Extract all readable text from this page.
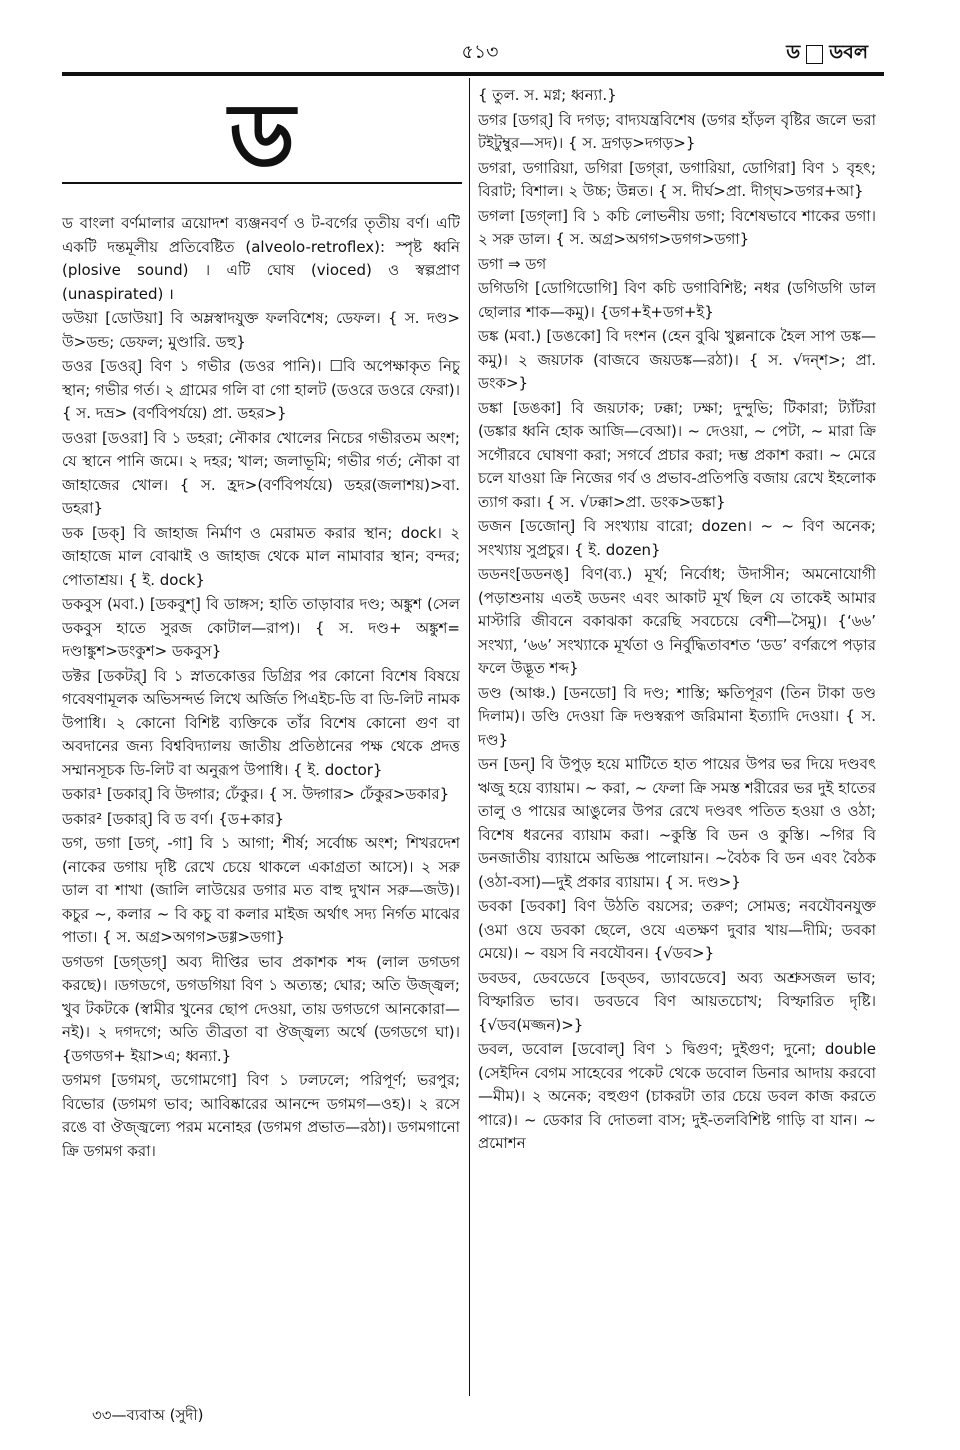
৫১৩	ড ডবল
ড
ড বাংলা বর্ণমালার ত্রয়োদশ ব্যঞ্জনবর্ণ ও ট-বর্গের তৃতীয় বর্ণ। এটি একটি দন্তমূলীয় প্রতিবেষ্টিত (alveolo-retroflex): স্পৃষ্ট ধ্বনি (plosive sound) । এটি ঘোষ (vioced) ও স্বল্পপ্রাণ (unaspirated) ।
ডউয়া [ডোউয়া] বি অম্লস্বাদযুক্ত ফলবিশেষ; ডেফল। { স. দণ্ড> উ>ডন্ড; ডেফল; মুণ্ডারি. ডহু}
ডওর [ডওর্] বিণ ১ গভীর (ডওর পানি)। ☐বি অপেক্ষাকৃত নিচু স্থান; গভীর গর্ত। ২ গ্রামের গলি বা গো হালট (ডওরে ডওরে ফেরা)। { স. দভ্র> (বর্ণবিপর্যয়ে) প্রা. ডহর>}
ডওরা [ডওরা] বি ১ ডহরা; নৌকার খোলের নিচের গভীরতম অংশ; যে স্থানে পানি জমে। ২ দহর; খাল; জলাভূমি; গভীর গর্ত; নৌকা বা জাহাজের খোল। { স. হ্রদ>(বর্ণবিপর্যয়ে) ডহর(জলাশয়)>বা. ডহরা}
ডক [ডক্] বি জাহাজ নির্মাণ ও মেরামত করার স্থান; dock। ২ জাহাজে মাল বোঝাই ও জাহাজ থেকে মাল নামাবার স্থান; বন্দর; পোতাশ্রয়। { ই. dock}
ডকবুস (মবা.) [ডকবুশ্] বি ডাঙ্গস; হাতি তাড়াবার দণ্ড; অঙ্কুশ (সেল ডকবুস হাতে সুরজ কোটাল—রাপ)। { স. দণ্ড+ অঙ্কুশ= দণ্ডাঙ্কুশ>ডংকুশ> ডকবুস}
ডক্টর [ডকটর্] বি ১ স্নাতকোত্তর ডিগ্রির পর কোনো বিশেষ বিষয়ে গবেষণামূলক অভিসন্দর্ভ লিখে অর্জিত পিএইচ-ডি বা ডি-লিট নামক উপাধি। ২ কোনো বিশিষ্ট ব্যক্তিকে তাঁর বিশেষ কোনো গুণ বা অবদানের জন্য বিশ্ববিদ্যালয় জাতীয় প্রতিষ্ঠানের পক্ষ থেকে প্রদত্ত সম্মানসূচক ডি-লিট বা অনুরূপ উপাধি। { ই. doctor}
ডকার¹ [ডকার্] বি উদ্গার; ঢেঁকুর। { স. উদ্গার> ঢেঁকুর>ডকার}
ডকার² [ডকার্] বি ড বর্ণ। {ড+কার}
ডগ, ডগা [ডগ্, -গা] বি ১ আগা; শীর্ষ; সর্বোচ্চ অংশ; শিখরদেশ (নাকের ডগায় দৃষ্টি রেখে চেয়ে থাকলে একাগ্রতা আসে)। ২ সরু ডাল বা শাখা (জালি লাউয়ের ডগার মত বাহু দুখান সরু—জউ)। কচুর ~, কলার ~ বি কচু বা কলার মাইজ অর্থাৎ সদ্য নির্গত মাঝের পাতা। { স. অগ্র>অগগ>ডগ্গ>ডগা}
ডগডগ [ডগ্‌ডগ্] অব্য দীপ্তির ভাব প্রকাশক শব্দ (লাল ডগডগ করছে)। ।ডগডগে, ডগডগিয়া বিণ ১ অত্যন্ত; ঘোর; অতি উজ্জ্বল; খুব টকটকে (স্বামীর খুনের ছোপ দেওয়া, তায় ডগডগে আনকোরা—নই)। ২ দগদগে; অতি তীব্রতা বা ঔজ্জ্বল্য অর্থে (ডগডগে ঘা)। {ডগডগ+ ইয়া>এ; ধ্বন্যা.}
ডগমগ [ডগমগ্, ডগোমগো] বিণ ১ ঢলঢলে; পরিপূর্ণ; ভরপুর; বিভোর (ডগমগ ভাব; আবিষ্কারের আনন্দে ডগমগ—ওহ)। ২ রসে রঙে বা ঔজ্জ্বল্যে পরম মনোহর (ডগমগ প্রভাত—রঠা)। ডগমগানো ক্রি ডগমগ করা।
{ তুল. স. মগ্ন; ধ্বন্যা.}
ডগর [ডগর্] বি দগড়; বাদ্যযন্ত্রবিশেষ (ডগর হাঁড়ল বৃষ্টির জলে ভরা টইটুম্বুর—সদ)। { স. দ্রগড়>দগড়>}
ডগরা, ডগারিয়া, ডগিরা [ডগ্‌রা, ডগারিয়া, ডোগিরা] বিণ ১ বৃহৎ; বিরাট; বিশাল। ২ উচ্চ; উন্নত। { স. দীর্ঘ>প্রা. দীগ্‌ঘ>ডগর+আ}
ডগলা [ডগ্‌লা] বি ১ কচি লোভনীয় ডগা; বিশেষভাবে শাকের ডগা। ২ সরু ডাল। { স. অগ্র>অগগ>ডগগ>ডগা}
ডগা ⇒ ডগ
ডগিডগি [ডোগিডোগি] বিণ কচি ডগাবিশিষ্ট; নধর (ডগিডগি ডাল ছোলার শাক—কমু)। {ডগ+ই+ডগ+ই}
ডঙ্ক (মবা.) [ডঙকো] বি দংশন (হেন বুঝি খুল্লনাকে হৈল সাপ ডঙ্ক—কমু)। ২ জয়ঢাক (বাজবে জয়ডঙ্ক—রঠা)। { স. √দন্‌শ>; প্রা. ডংক>}
ডঙ্কা [ডঙকা] বি জয়ঢাক; ঢক্কা; ঢক্ষা; দুন্দুভি; টিকারা; ট্যাঁটরা (ডঙ্কার ধ্বনি হোক আজি—বেআ)। ~ দেওয়া, ~ পেটা, ~ মারা ক্রি সগৌরবে ঘোষণা করা; সগর্বে প্রচার করা; দম্ভ প্রকাশ করা। ~ মেরে চলে যাওয়া ক্রি নিজের গর্ব ও প্রভাব-প্রতিপত্তি বজায় রেখে ইহলোক ত্যাগ করা। { স. √ঢক্কা>প্রা. ডংক>ডঙ্কা}
ডজন [ডজোন্] বি সংখ্যায় বারো; dozen। ~ ~ বিণ অনেক; সংখ্যায় সুপ্রচুর। { ই. dozen}
ডডনং[ডডনঙ্] বিণ(ব্য.) মূর্খ; নির্বোধ; উদাসীন; অমনোযোগী (পড়াশুনায় এতই ডডনং এবং আকাট মূর্খ ছিল যে তাকেই আমার মাস্টারি জীবনে বকাঝকা করেছি সবচেয়ে বেশী—সৈমু)। {‘৬৬’ সংখ্যা, ‘৬৬’ সংখ্যাকে মূর্খতা ও নির্বুদ্ধিতাবশত ‘ডড’ বর্ণরূপে পড়ার ফলে উদ্ভূত শব্দ}
ডণ্ড (আঞ্চ.) [ডনডো] বি দণ্ড; শাস্তি; ক্ষতিপূরণ (তিন টাকা ডণ্ড দিলাম)। ডণ্ডি দেওয়া ক্রি দণ্ডস্বরূপ জরিমানা ইত্যাদি দেওয়া। { স. দণ্ড}
ডন [ডন্] বি উপুড় হয়ে মাটিতে হাত পায়ের উপর ভর দিয়ে দণ্ডবৎ ঋজু হয়ে ব্যায়াম। ~ করা, ~ ফেলা ক্রি সমস্ত শরীরের ভর দুই হাতের তালু ও পায়ের আঙুলের উপর রেখে দণ্ডবৎ পতিত হওয়া ও ওঠা; বিশেষ ধরনের ব্যায়াম করা। ~কুস্তি বি ডন ও কুস্তি। ~গির বি ডনজাতীয় ব্যায়ামে অভিজ্ঞ পালোয়ান। ~বৈঠক বি ডন এবং বৈঠক (ওঠা-বসা)—দুই প্রকার ব্যায়াম। { স. দণ্ড>}
ডবকা [ডবকা] বিণ উঠতি বয়সের; তরুণ; সোমত্ত; নবযৌবনযুক্ত (ওমা ওযে ডবকা ছেলে, ওযে এতক্ষণ দুবার খায়—দীমি; ডবকা মেয়ে)। ~ বয়স বি নবযৌবন। {√ডব>}
ডবডব, ডেবডেবে [ডব্‌ডব, ড্যাবডেবে] অব্য অশ্রুসজল ভাব; বিস্ফারিত ভাব। ডবডবে বিণ আয়তচোখ; বিস্ফারিত দৃষ্টি। {√ডব(মজ্জন)>}
ডবল, ডবোল [ডবোল্] বিণ ১ দ্বিগুণ; দুইগুণ; দুনো; double (সেইদিন বেগম সাহেবের পকেট থেকে ডবোল ডিনার আদায় করবো—মীম)। ২ অনেক; বহুগুণ (চাকরটা তার চেয়ে ডবল কাজ করতে পারে)। ~ ডেকার বি দোতলা বাস; দুই-তলবিশিষ্ট গাড়ি বা যান। ~ প্রমোশন
৩৩—ব্যবাঅ (সুদী)
